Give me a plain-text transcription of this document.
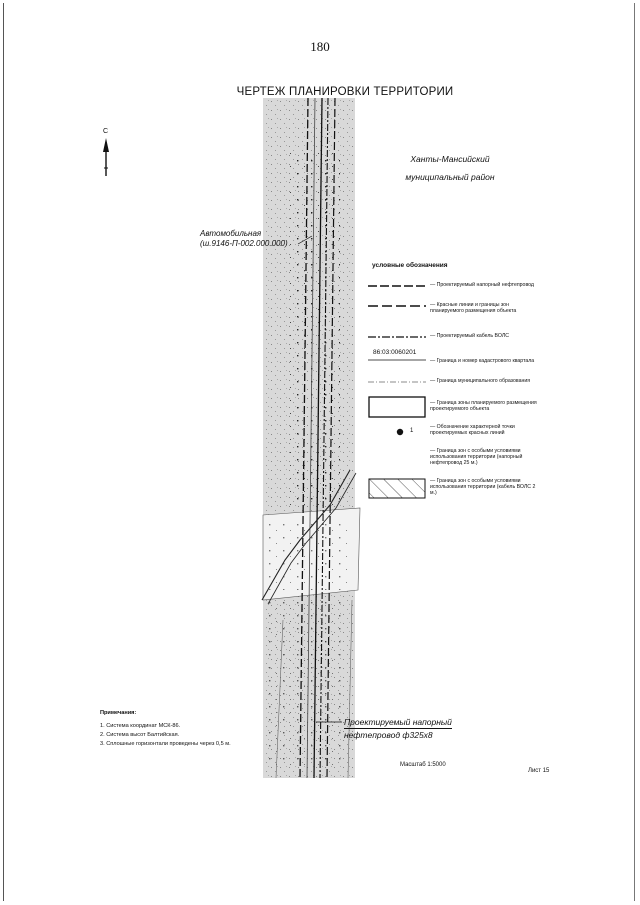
180
ЧЕРТЕЖ ПЛАНИРОВКИ ТЕРРИТОРИИ
С
Ханты-Мансийский
муниципальный район
Автомобильная
(ш.9146-П-002.000.000)
условные обозначения
— Проектируемый напорный нефтепровод
— Красные линии и границы зон планируемого размещения объекта
— Проектируемый кабель ВОЛС
86:03:0060201
— Граница и номер кадастрового квартала
— Граница муниципального образования
— Граница зоны планируемого размещения проектируемого объекта
1
— Обозначение характерной точки проектируемых красных линий
— Граница зон с особыми условиями использования территории (напорный нефтепровод 25 м.)
— Граница зон с особыми условиями использования территории (кабель ВОЛС 2 м.)
Примечания:
1. Система координат МСК-86.
2. Система высот Балтийская.
3. Сплошные горизонтали проведены через 0,5 м.
Проектируемый напорный
нефтепровод ф325х8
Масштаб 1:5000
Лист 15
